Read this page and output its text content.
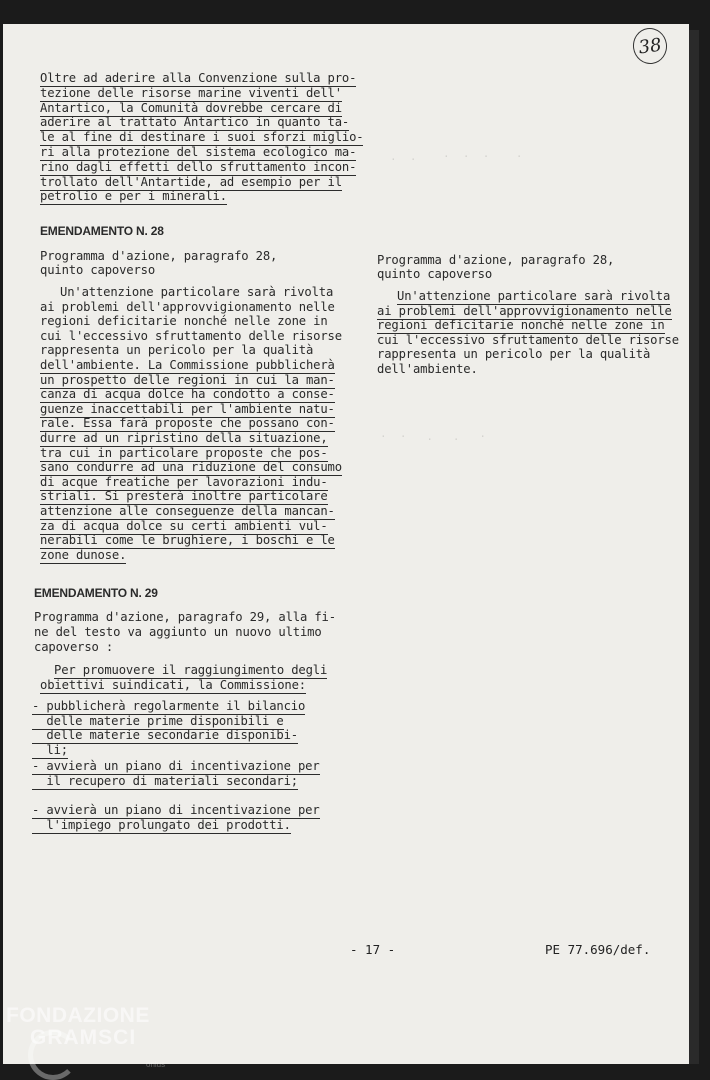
38
.  .    ·  ·  ·    ·
·  ·   .   .   ·
Oltre ad aderire alla Convenzione sulla pro-
tezione delle risorse marine viventi dell'
Antartico, la Comunità dovrebbe cercare di
aderire al trattato Antartico in quanto ta-
le al fine di destinare i suoi sforzi miglio-
ri alla protezione del sistema ecologico ma-
rino dagli effetti dello sfruttamento incon-
trollato dell'Antartide, ad esempio per il
petrolio e per i minerali.
EMENDAMENTO N. 28
Programma d'azione, paragrafo 28,
quinto capoverso
Un'attenzione particolare sarà rivolta
ai problemi dell'approvvigionamento nelle
regioni deficitarie nonché nelle zone in
cui l'eccessivo sfruttamento delle risorse
rappresenta un pericolo per la qualità
dell'ambiente. La Commissione pubblicherà
un prospetto delle regioni in cui la man-
canza di acqua dolce ha condotto a conse-
guenze inaccettabili per l'ambiente natu-
rale. Essa farà proposte che possano con-
durre ad un ripristino della situazione,
tra cui in particolare proposte che pos-
sano condurre ad una riduzione del consumo
di acque freatiche per lavorazioni indu-
striali. Si presterà inoltre particolare
attenzione alle conseguenze della mancan-
za di acqua dolce su certi ambienti vul-
nerabili come le brughiere, i boschi e le
zone dunose.
EMENDAMENTO N. 29
Programma d'azione, paragrafo 29, alla fi-
ne del testo va aggiunto un nuovo ultimo
capoverso :
Per promuovere il raggiungimento degli
obiettivi suindicati, la Commissione:
- pubblicherà regolarmente il bilancio
delle materie prime disponibili e
delle materie secondarie disponibi-
li;
- avvierà un piano di incentivazione per
il recupero di materiali secondari;
- avvierà un piano di incentivazione per
l'impiego prolungato dei prodotti.
Programma d'azione, paragrafo 28,
quinto capoverso
Un'attenzione particolare sarà rivolta
ai problemi dell'approvvigionamento nelle
regioni deficitarie nonché nelle zone in
cui l'eccessivo sfruttamento delle risorse
rappresenta un pericolo per la qualità
dell'ambiente.
- 17 -	PE 77.696/def.
FONDAZIONE
GRAMSCI
onlus
